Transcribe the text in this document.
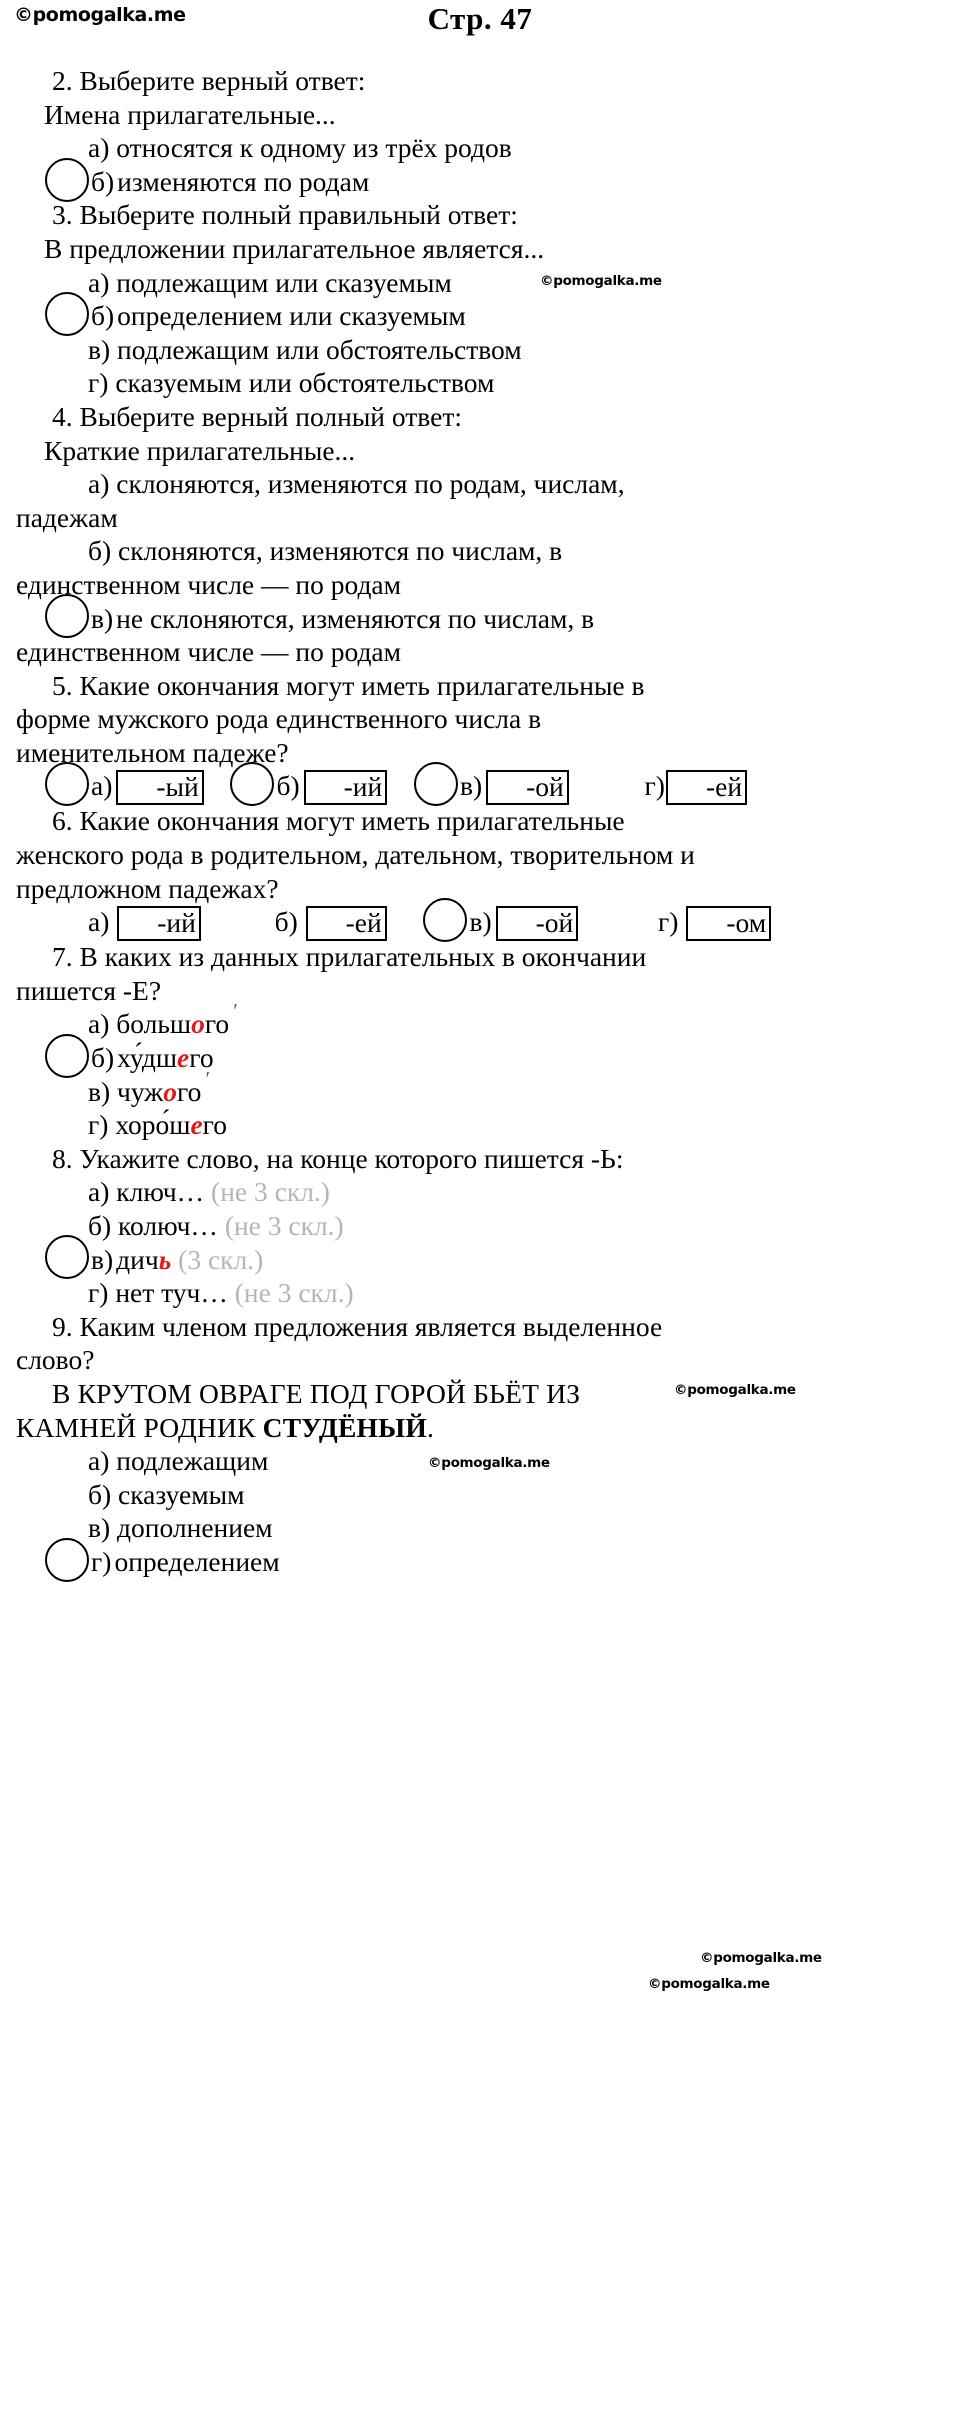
©pomogalka.me	Стр. 47
2. Выберите верный ответ:
Имена прилагательные...
а) относятся к одному из трёх родов
б) изменяются по родам
3. Выберите полный правильный ответ:
В предложении прилагательное является...
а) подлежащим или сказуемым
б) определением или сказуемым
в) подлежащим или обстоятельством
г) сказуемым или обстоятельством
4. Выберите верный полный ответ:
Краткие прилагательные...
а) склоняются, изменяются по родам, числам,
падежам
б) склоняются, изменяются по числам, в
единственном числе — по родам
в) не склоняются, изменяются по числам, в
единственном числе — по родам
5. Какие окончания могут иметь прилагательные в
форме мужского рода единственного числа в
именительном падеже?
а) -ый	б) -ий	в) -ой	г) -ей
6. Какие окончания могут иметь прилагательные
женского рода в родительном, дательном, творительном и
предложном падежах?
а) -ий	б) -ей	в) -ой	г) -ом
7. В каких из данных прилагательных в окончании
пишется -Е?
а) большо ′го
б) ху́дшего
в) чужо ′го
г) хоро́шего
8. Укажите слово, на конце которого пишется -Ь:
а) ключ… (не 3 скл.)
б) колюч… (не 3 скл.)
в) дичь (3 скл.)
г) нет туч… (не 3 скл.)
9. Каким членом предложения является выделенное
слово?
В КРУТОМ ОВРАГЕ ПОД ГОРОЙ БЬЁТ ИЗ
КАМНЕЙ РОДНИК СТУДЁНЫЙ.
а) подлежащим
б) сказуемым
в) дополнением
г) определением
©pomogalka.me
©pomogalka.me
©pomogalka.me
©pomogalka.me
©pomogalka.me
